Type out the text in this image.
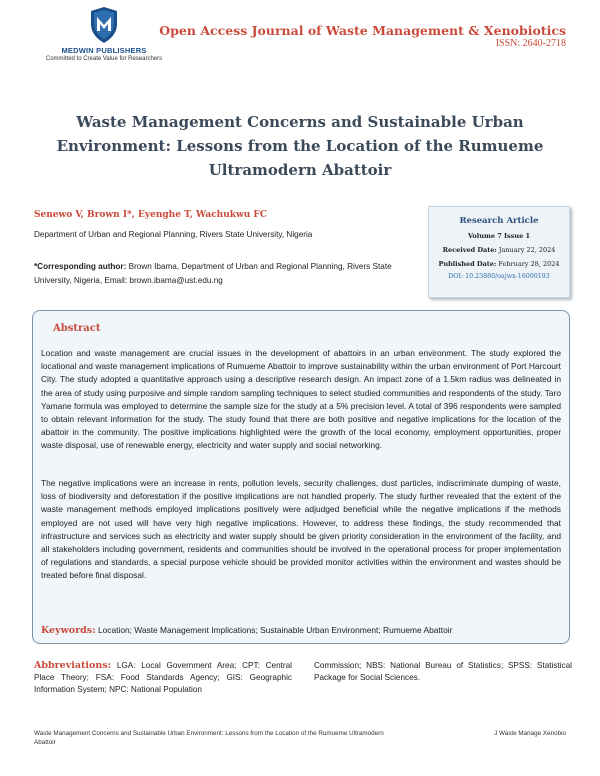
MEDWIN PUBLISHERS
Committed to Create Value for Researchers
Open Access Journal of Waste Management & Xenobiotics
ISSN: 2640-2718
Waste Management Concerns and Sustainable Urban Environment: Lessons from the Location of the Rumueme Ultramodern Abattoir
Senewo V, Brown I*, Eyenghe T, Wachukwu FC
Department of Urban and Regional Planning, Rivers State University, Nigeria
*Corresponding author: Brown Ibama, Department of Urban and Regional Planning, Rivers State University, Nigeria, Email: brown.ibama@ust.edu.ng
Research Article
Volume 7 Issue 1
Received Date: January 22, 2024
Published Date: February 28, 2024
DOI: 10.23880/oajwx-16000193
Abstract
Location and waste management are crucial issues in the development of abattoirs in an urban environment. The study explored the locational and waste management implications of Rumueme Abattoir to improve sustainability within the urban environment of Port Harcourt City. The study adopted a quantitative approach using a descriptive research design. An impact zone of a 1.5km radius was delineated in the area of study using purposive and simple random sampling techniques to select studied communities and respondents of the study. Taro Yamane formula was employed to determine the sample size for the study at a 5% precision level. A total of 396 respondents were sampled to obtain relevant information for the study. The study found that there are both positive and negative implications for the location of the abattoir in the community. The positive implications highlighted were the growth of the local economy, employment opportunities, proper waste disposal, use of renewable energy, electricity and water supply and social networking.
The negative implications were an increase in rents, pollution levels, security challenges, dust particles, indiscriminate dumping of waste, loss of biodiversity and deforestation if the positive implications are not handled properly. The study further revealed that the extent of the waste management methods employed implications positively were adjudged beneficial while the negative implications if the methods employed are not used will have very high negative implications. However, to address these findings, the study recommended that infrastructure and services such as electricity and water supply should be given priority consideration in the environment of the facility, and all stakeholders including government, residents and communities should be involved in the operational process for proper implementation of regulations and standards, a special purpose vehicle should be provided monitor activities within the environment and wastes should be treated before final disposal.
Keywords: Location; Waste Management Implications; Sustainable Urban Environment; Rumueme Abattoir
Abbreviations: LGA: Local Government Area; CPT: Central Place Theory; FSA: Food Standards Agency; GIS: Geographic Information System; NPC: National Population
Commission; NBS: National Bureau of Statistics; SPSS: Statistical Package for Social Sciences.
Waste Management Concerns and Sustainable Urban Environment: Lessons from the Location of the Rumueme Ultramodern Abattoir
J Waste Manage Xenobio
